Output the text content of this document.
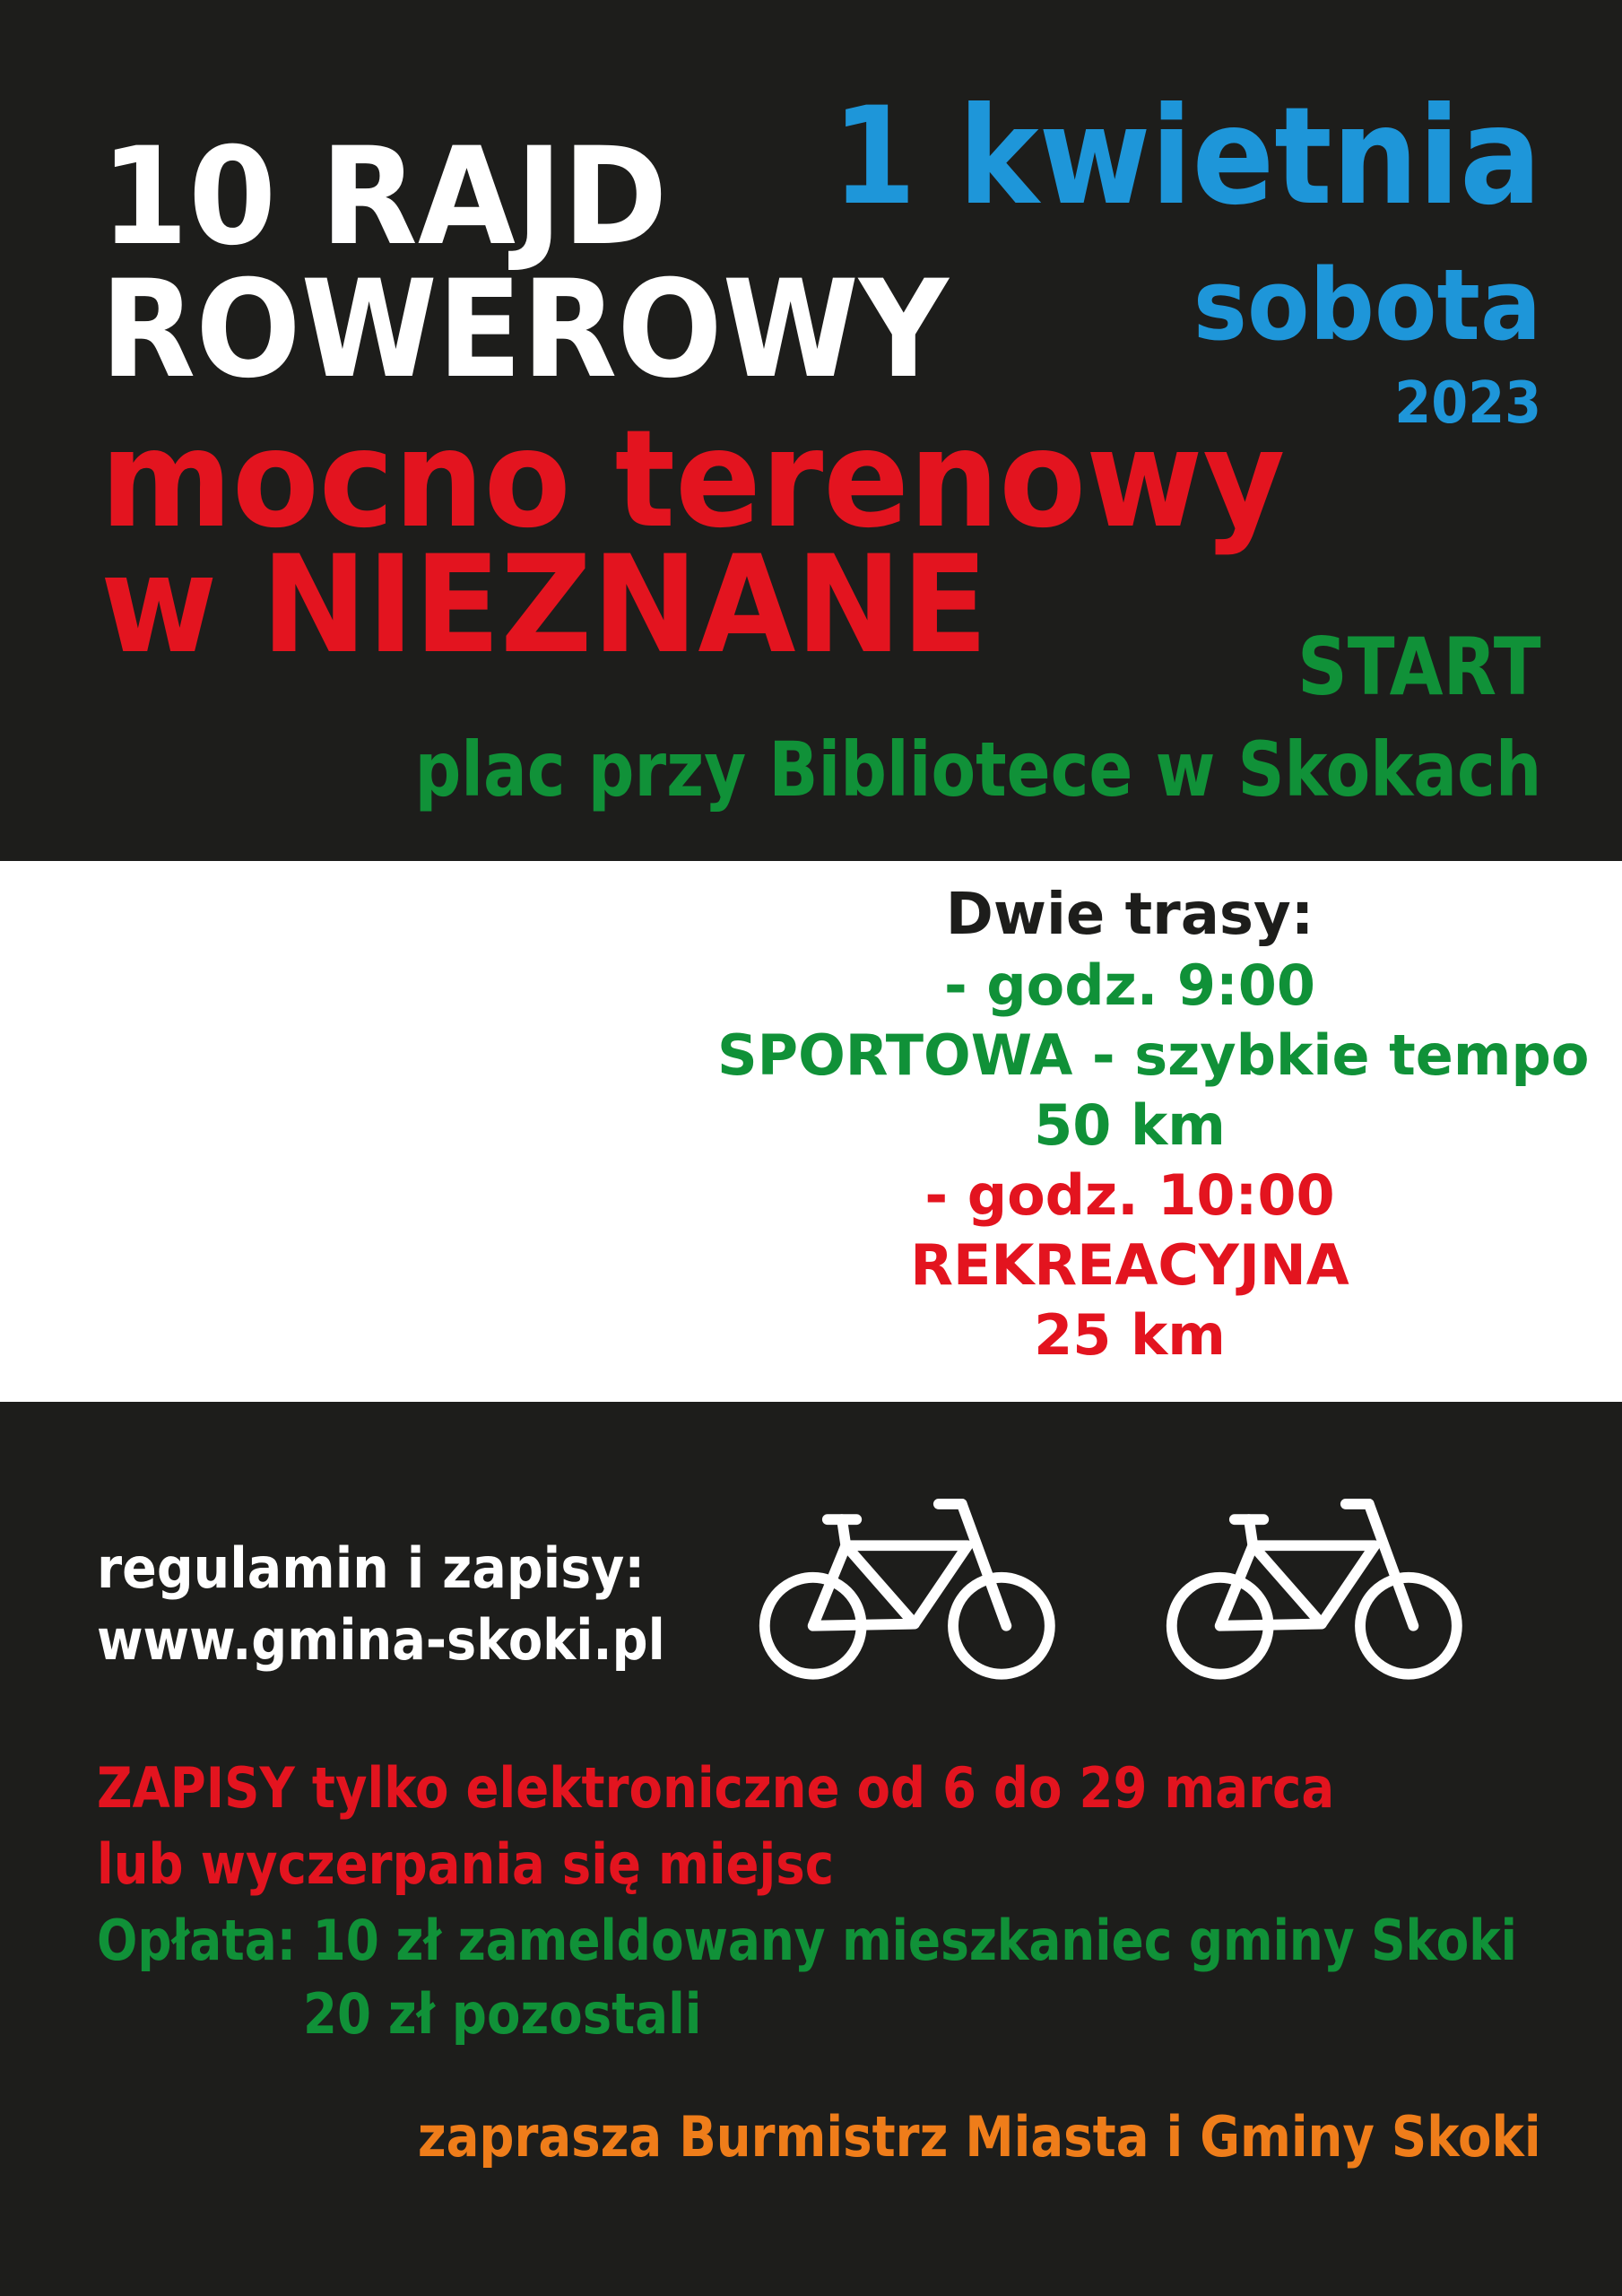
10 RAJD

ROWEROWY

mocno terenowy

w NIEZNANE

1 kwietnia

sobota

2023

START

plac przy Bibliotece w Skokach

Dwie trasy:
- godz. 9:00
SPORTOWA - szybkie tempo
50 km
- godz. 10:00
REKREACYJNA
25 km

regulamin i zapisy:

www.gmina-skoki.pl

ZAPISY tylko elektroniczne od 6 do 29 marca

lub wyczerpania się miejsc

Opłata: 10 zł zameldowany mieszkaniec gminy Skoki

20 zł pozostali

zaprasza Burmistrz Miasta i Gminy Skoki
